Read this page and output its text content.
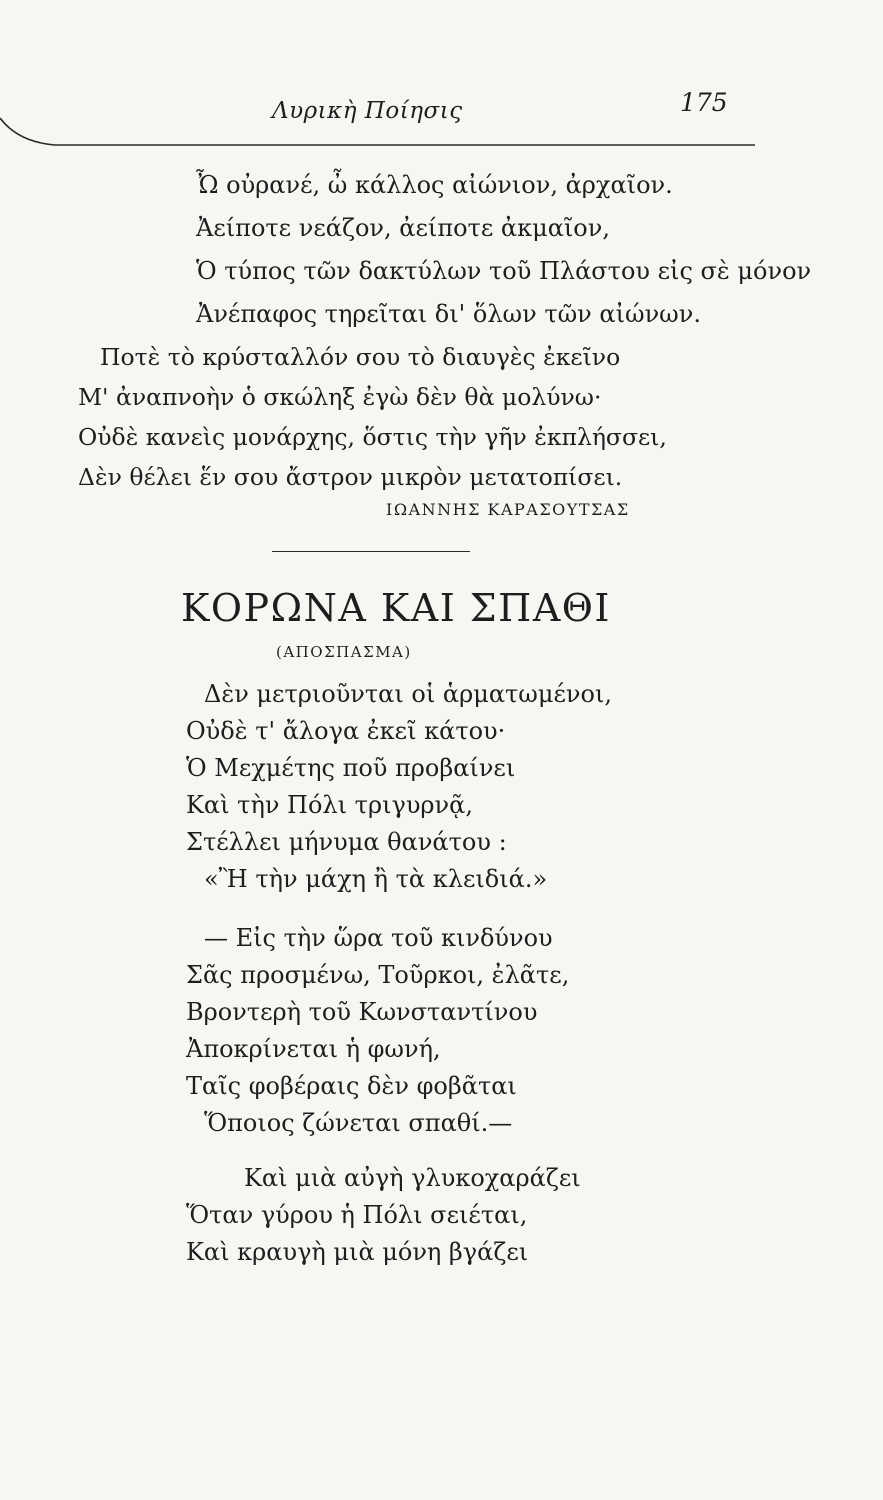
Λυρικὴ Ποίησις	175
Ὦ οὐρανέ, ὦ κάλλος αἰώνιον, ἀρχαῖον.
Ἀείποτε νεάζον, ἀείποτε ἀκμαῖον,
Ὁ τύπος τῶν δακτύλων τοῦ Πλάστου εἰς σὲ μόνον
Ἀνέπαφος τηρεῖται δι' ὅλων τῶν αἰώνων.
Ποτὲ τὸ κρύσταλλόν σου τὸ διαυγὲς ἐκεῖνο
Μ' ἀναπνοὴν ὁ σκώληξ ἐγὼ δὲν θὰ μολύνω·
Οὐδὲ κανεὶς μονάρχης, ὅστις τὴν γῆν ἐκπλήσσει,
Δὲν θέλει ἕν σου ἄστρον μικρὸν μετατοπίσει.
ΙΩΑΝΝΗΣ ΚΑΡΑΣΟΥΤΣΑΣ
ΚΟΡΩΝΑ ΚΑΙ ΣΠΑΘΙ
(ΑΠΟΣΠΑΣΜΑ)
Δὲν μετριοῦνται οἱ ἁρματωμένοι,
Οὐδὲ τ' ἄλογα ἐκεῖ κάτου·
Ὁ Μεχμέτης ποῦ προβαίνει
Καὶ τὴν Πόλι τριγυρνᾷ,
Στέλλει μήνυμα θανάτου :
«Ἢ τὴν μάχη ἢ τὰ κλειδιά.»
— Εἰς τὴν ὥρα τοῦ κινδύνου
Σᾶς προσμένω, Τοῦρκοι, ἐλᾶτε,
Βροντερὴ τοῦ Κωνσταντίνου
Ἀποκρίνεται ἡ φωνή,
Ταῖς φοβέραις δὲν φοβᾶται
Ὅποιος ζώνεται σπαθί.—
Καὶ μιὰ αὐγὴ γλυκοχαράζει
Ὅταν γύρου ἡ Πόλι σειέται,
Καὶ κραυγὴ μιὰ μόνη βγάζει
